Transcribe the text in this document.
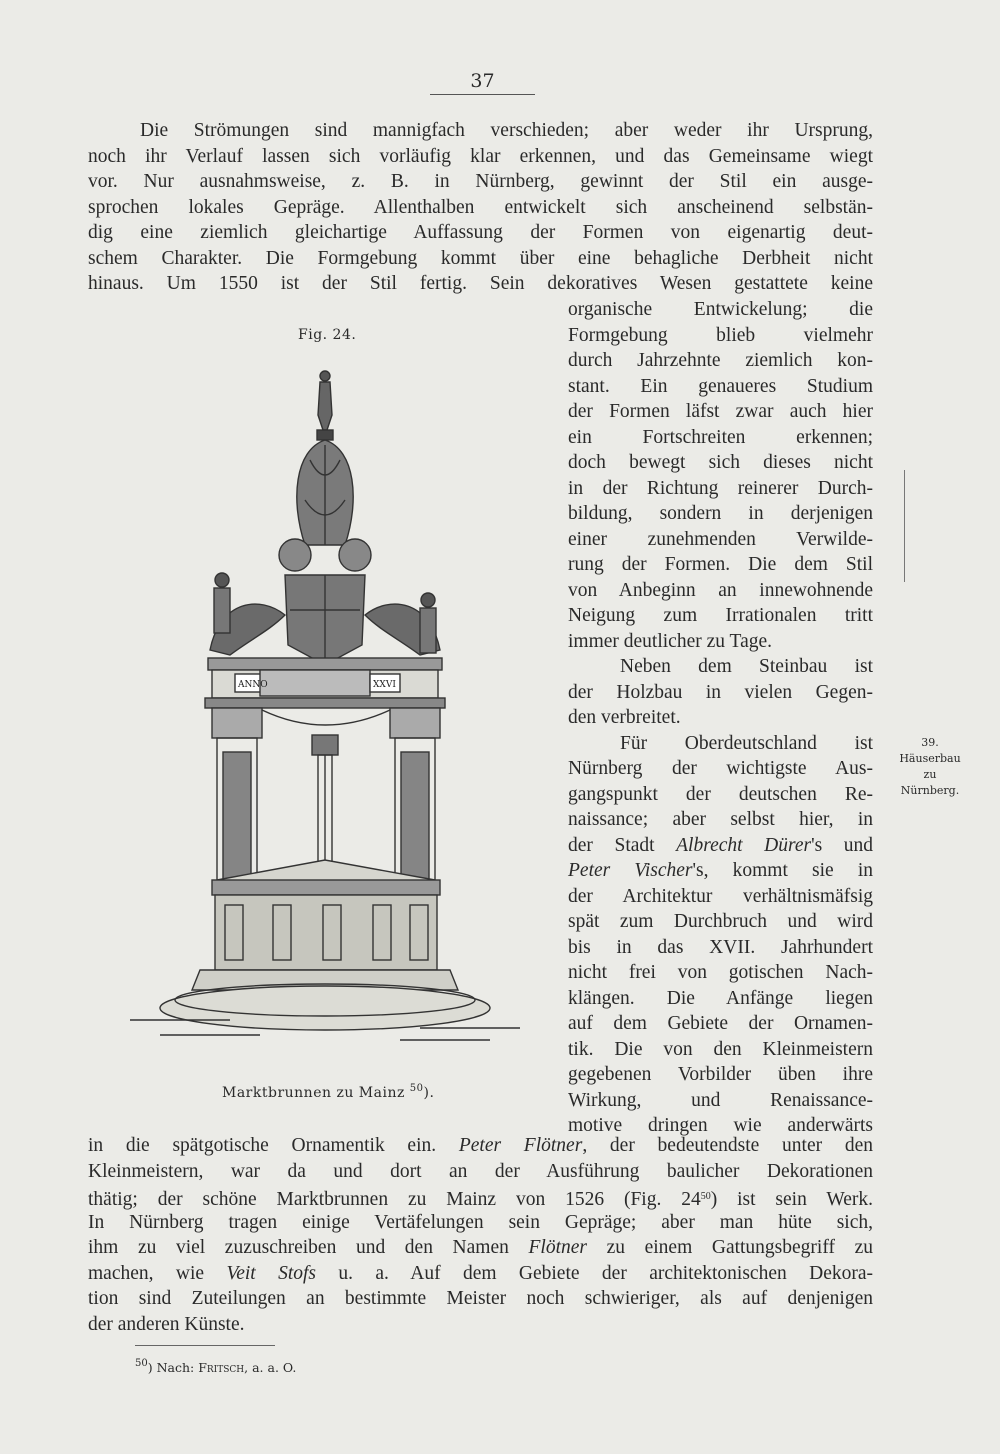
37
Die Strömungen sind mannigfach verschieden; aber weder ihr Ursprung,
noch ihr Verlauf lassen sich vorläufig klar erkennen, und das Gemeinsame wiegt
vor. Nur ausnahmsweise, z. B. in Nürnberg, gewinnt der Stil ein ausge-
sprochen lokales Gepräge. Allenthalben entwickelt sich anscheinend selbstän-
dig eine ziemlich gleichartige Auffassung der Formen von eigenartig deut-
schem Charakter. Die Formgebung kommt über eine behagliche Derbheit nicht
hinaus. Um 1550 ist der Stil fertig. Sein dekoratives Wesen gestattete keine
organische Entwickelung; die
Formgebung blieb vielmehr
durch Jahrzehnte ziemlich kon-
stant. Ein genaueres Studium
der Formen läfst zwar auch hier
ein Fortschreiten erkennen;
doch bewegt sich dieses nicht
in der Richtung reinerer Durch-
bildung, sondern in derjenigen
einer zunehmenden Verwilde-
rung der Formen. Die dem Stil
von Anbeginn an innewohnende
Neigung zum Irrationalen tritt
immer deutlicher zu Tage.
Neben dem Steinbau ist
der Holzbau in vielen Gegen-
den verbreitet.
Für Oberdeutschland ist
Nürnberg der wichtigste Aus-
gangspunkt der deutschen Re-
naissance; aber selbst hier, in
der Stadt Albrecht Dürer's und
Peter Vischer's, kommt sie in
der Architektur verhältnismäfsig
spät zum Durchbruch und wird
bis in das XVII. Jahrhundert
nicht frei von gotischen Nach-
klängen. Die Anfänge liegen
auf dem Gebiete der Ornamen-
tik. Die von den Kleinmeistern
gegebenen Vorbilder üben ihre
Wirkung, und Renaissance-
motive dringen wie anderwärts
in die spätgotische Ornamentik ein. Peter Flötner, der bedeutendste unter den
Kleinmeistern, war da und dort an der Ausführung baulicher Dekorationen
thätig; der schöne Marktbrunnen zu Mainz von 1526 (Fig. $24^{50}$) ist sein Werk.
In Nürnberg tragen einige Vertäfelungen sein Gepräge; aber man hüte sich,
ihm zu viel zuzuschreiben und den Namen Flötner zu einem Gattungsbegriff zu
machen, wie Veit Stofs u. a. Auf dem Gebiete der architektonischen Dekora-
tion sind Zuteilungen an bestimmte Meister noch schwieriger, als auf denjenigen
der anderen Künste.
Fig. 24.
ANNO	XXVI
Marktbrunnen zu Mainz $^{50}$).
39.
Häuserbau
zu
Nürnberg.
$^{50}$) Nach: Fritsch, a. a. O.
